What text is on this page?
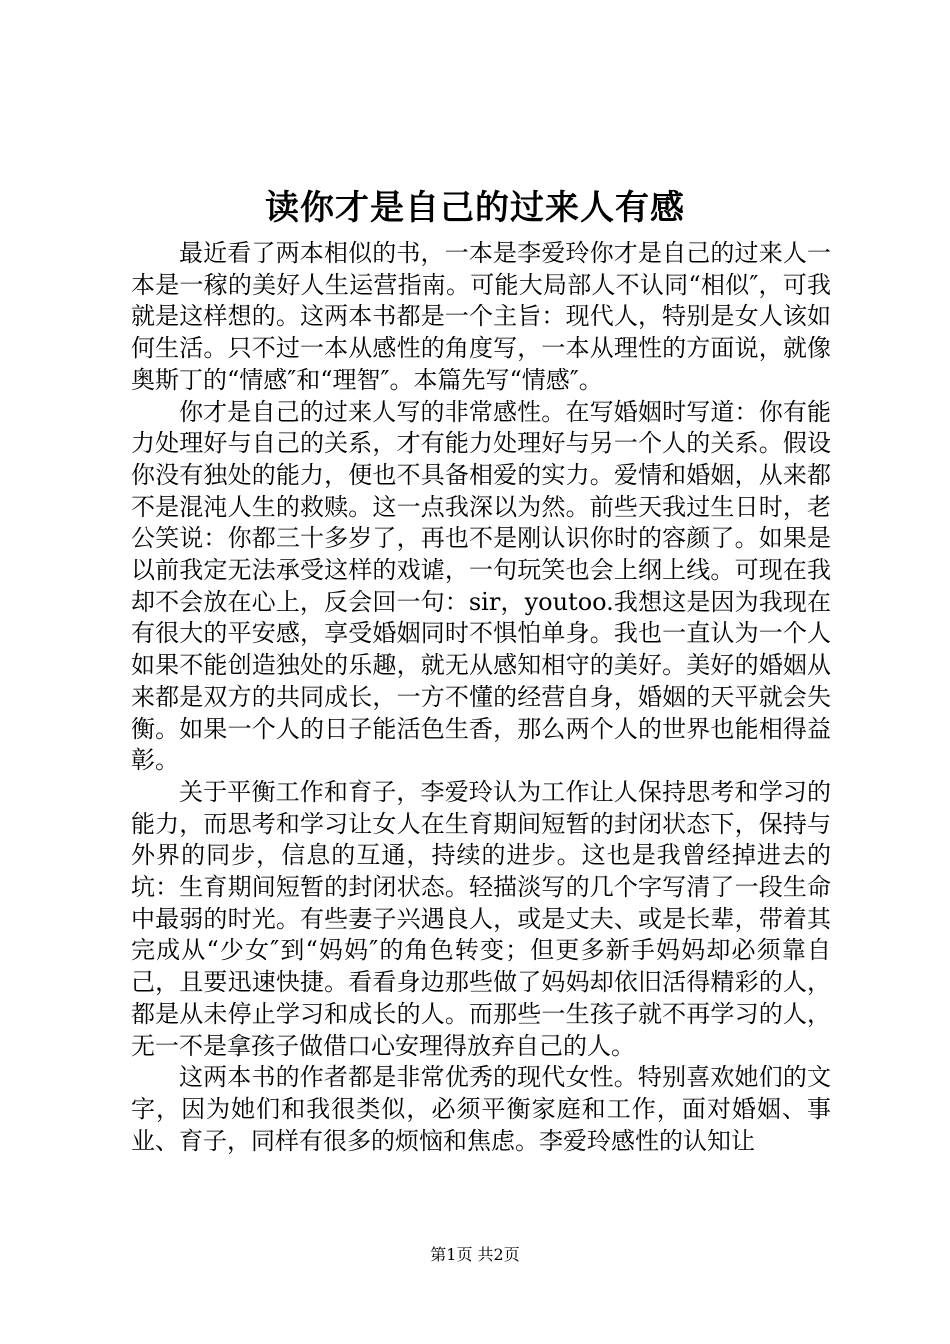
读你才是自己的过来人有感

最近看了两本相似的书，一本是李爱玲你才是自己的过来人一本是一稼的美好人生运营指南。可能大局部人不认同“相似″，可我就是这样想的。这两本书都是一个主旨：现代人，特别是女人该如何生活。只不过一本从感性的角度写，一本从理性的方面说，就像奥斯丁的“情感″和“理智″。本篇先写“情感″。

你才是自己的过来人写的非常感性。在写婚姻时写道：你有能力处理好与自己的关系，才有能力处理好与另一个人的关系。假设你没有独处的能力，便也不具备相爱的实力。爱情和婚姻，从来都不是混沌人生的救赎。这一点我深以为然。前些天我过生日时，老公笑说：你都三十多岁了，再也不是刚认识你时的容颜了。如果是以前我定无法承受这样的戏谑，一句玩笑也会上纲上线。可现在我却不会放在心上，反会回一句：sir，youtoo.我想这是因为我现在有很大的平安感，享受婚姻同时不惧怕单身。我也一直认为一个人如果不能创造独处的乐趣，就无从感知相守的美好。美好的婚姻从来都是双方的共同成长，一方不懂的经营自身，婚姻的天平就会失衡。如果一个人的日子能活色生香，那么两个人的世界也能相得益彰。

关于平衡工作和育子，李爱玲认为工作让人保持思考和学习的能力，而思考和学习让女人在生育期间短暂的封闭状态下，保持与外界的同步，信息的互通，持续的进步。这也是我曾经掉进去的坑：生育期间短暂的封闭状态。轻描淡写的几个字写清了一段生命中最弱的时光。有些妻子兴遇良人，或是丈夫、或是长辈，带着其完成从“少女″到“妈妈″的角色转变；但更多新手妈妈却必须靠自己，且要迅速快捷。看看身边那些做了妈妈却依旧活得精彩的人，都是从未停止学习和成长的人。而那些一生孩子就不再学习的人，无一不是拿孩子做借口心安理得放弃自己的人。

这两本书的作者都是非常优秀的现代女性。特别喜欢她们的文字，因为她们和我很类似，必须平衡家庭和工作，面对婚姻、事业、育子，同样有很多的烦恼和焦虑。李爱玲感性的认知让

第1页 共2页
